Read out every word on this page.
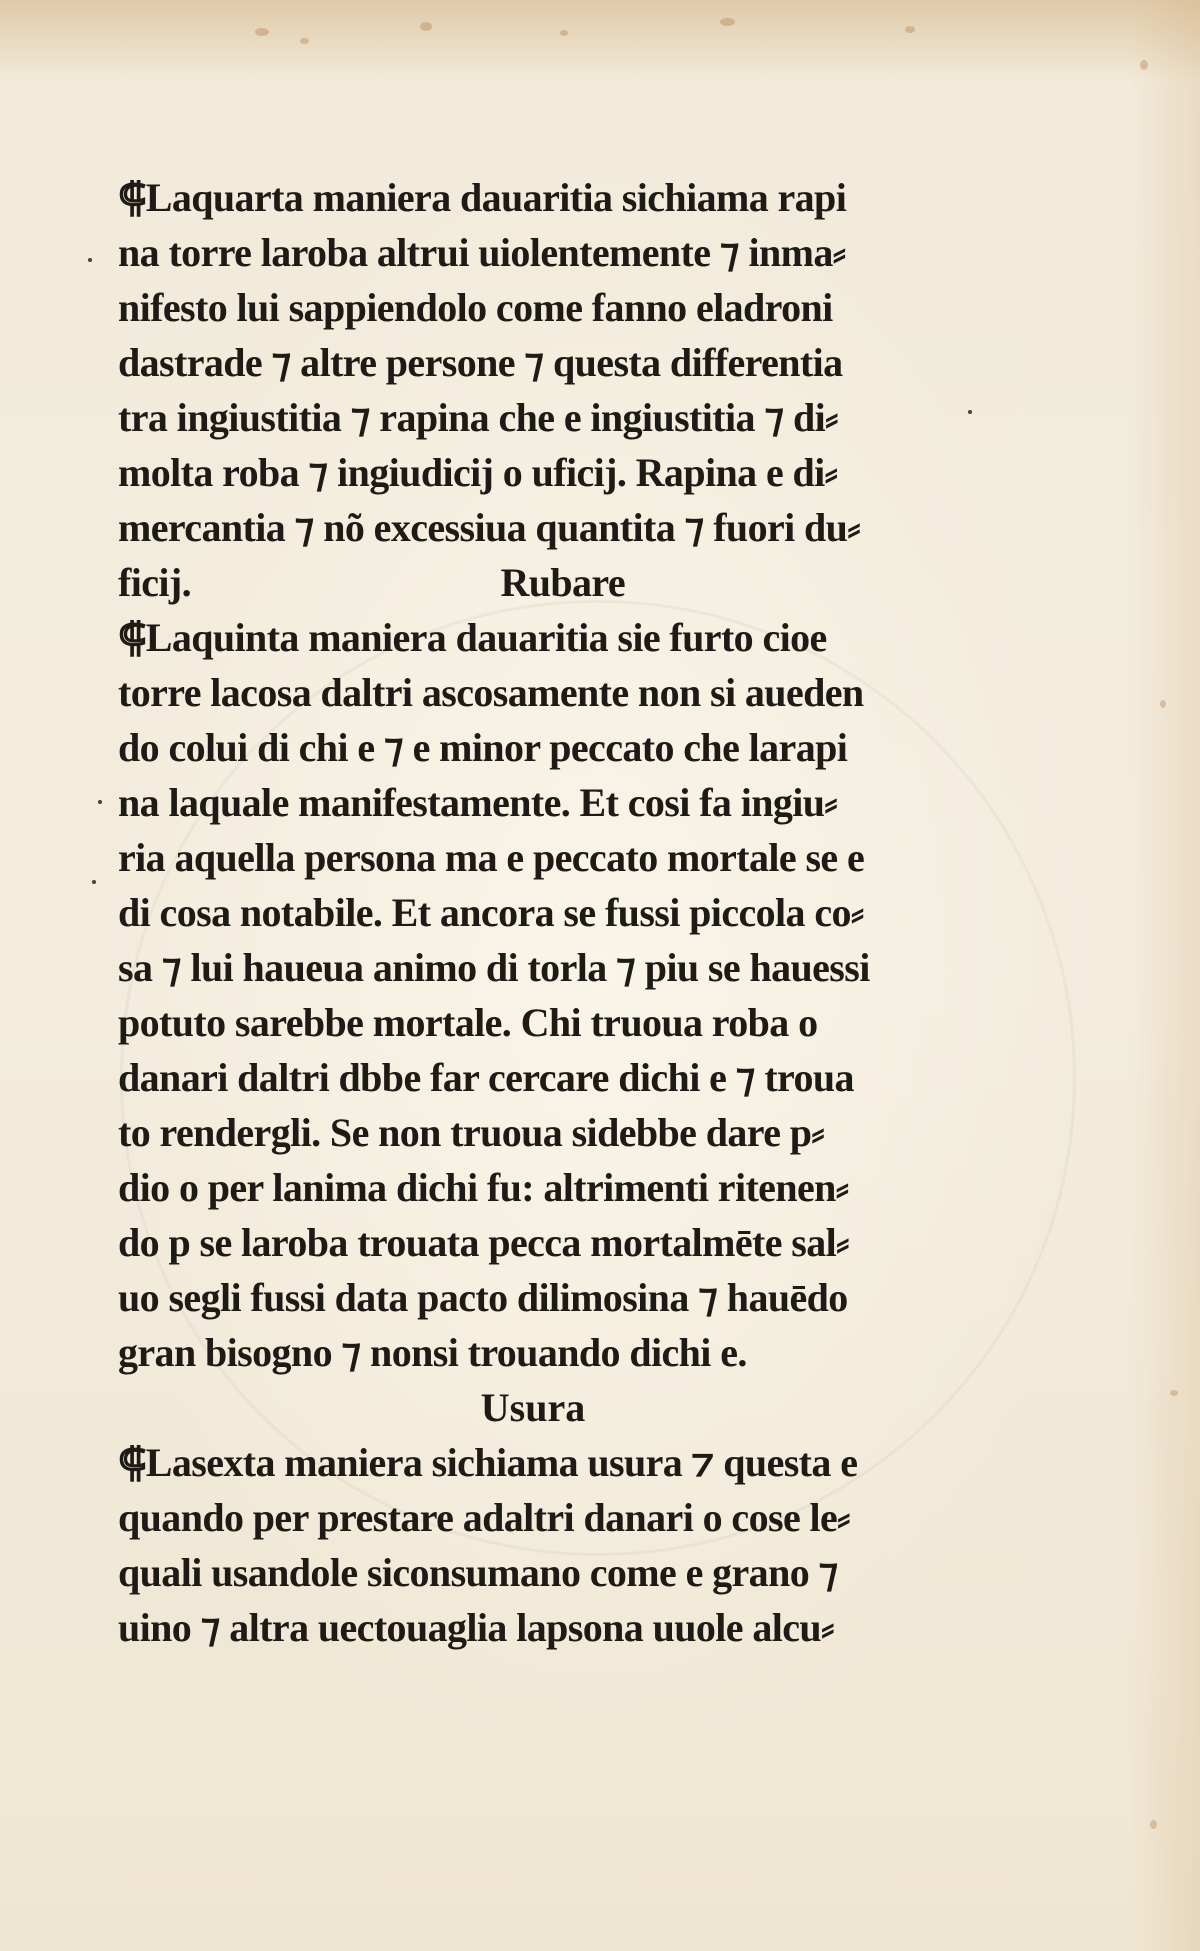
⸿Laquarta maniera dauaritia sichiama rapi
na torre laroba altrui uiolentemente ⁊ inma⸗
nifesto lui sappiendolo come fanno eladroni
dastrade ⁊ altre persone ⁊ questa differentia
tra ingiustitia ⁊ rapina che e ingiustitia ⁊ di⸗
molta roba ⁊ ingiudicij o uficij. Rapina e di⸗
mercantia ⁊ nõ excessiua quantita ⁊ fuori du⸗
ficij.	Rubare
⸿Laquinta maniera dauaritia sie furto cioe
torre lacosa daltri ascosamente non si aueden
do colui di chi e ⁊ e minor peccato che larapi
na laquale manifestamente. Et cosi fa ingiu⸗
ria aquella persona ma e peccato mortale se e
di cosa notabile. Et ancora se fussi piccola co⸗
sa ⁊ lui haueua animo di torla ⁊ piu se hauessi
potuto sarebbe mortale. Chi truoua roba o
danari daltri dbbe far cercare dichi e ⁊ troua
to rendergli. Se non truoua sidebbe dare p⸗
dio o per lanima dichi fu: altrimenti ritenen⸗
do p se laroba trouata pecca mortalmēte sal⸗
uo segli fussi data pacto dilimosina ⁊ hauēdo
gran bisogno ⁊ nonsi trouando dichi e.
Usura
⸿Lasexta maniera sichiama usura ⁊ questa e
quando per prestare adaltri danari o cose le⸗
quali usandole siconsumano come e grano ⁊
uino ⁊ altra uectouaglia lapsona uuole alcu⸗
